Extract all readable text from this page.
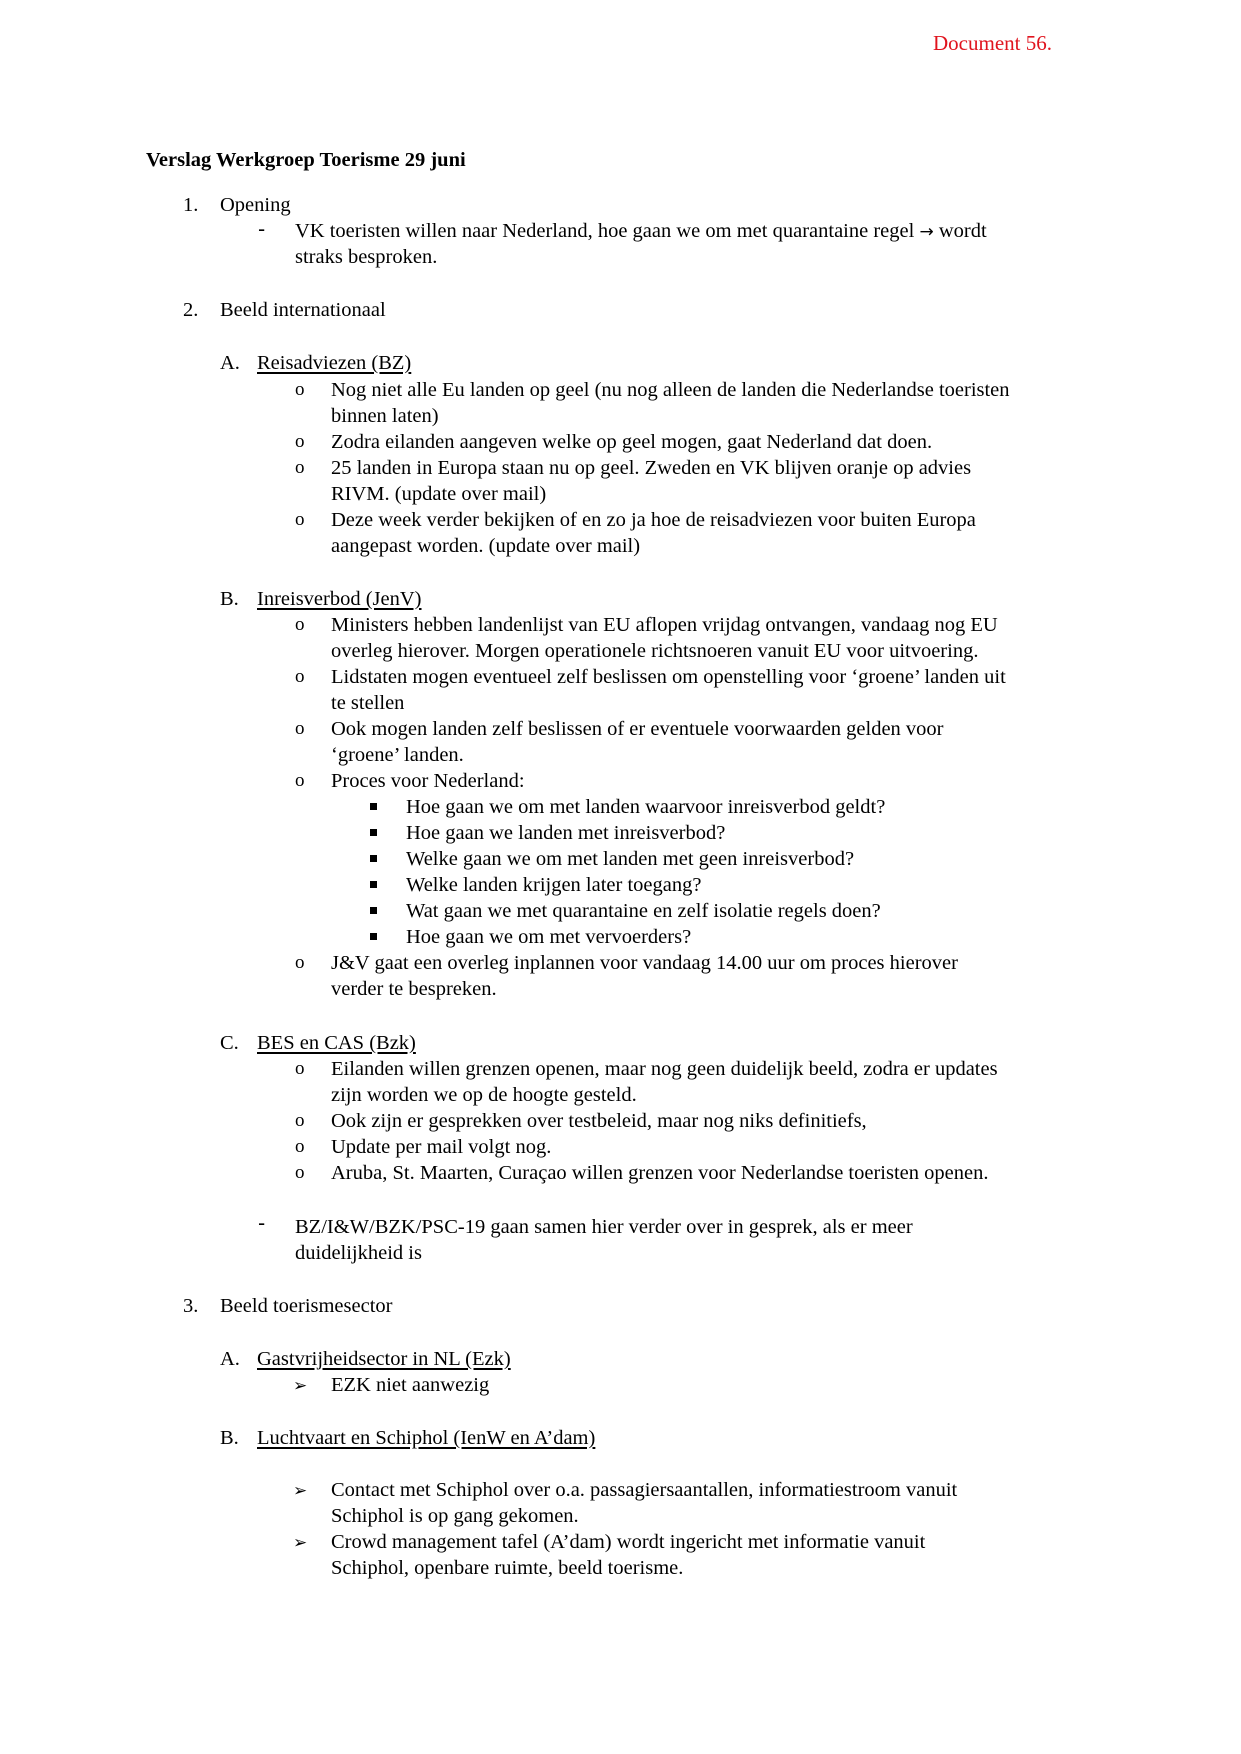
Document 56.
Verslag Werkgroep Toerisme 29 juni
1. Opening
- VK toeristen willen naar Nederland, hoe gaan we om met quarantaine regel → wordt
straks besproken.
2. Beeld internationaal
A. Reisadviezen (BZ)
o Nog niet alle Eu landen op geel (nu nog alleen de landen die Nederlandse toeristen
binnen laten)
o Zodra eilanden aangeven welke op geel mogen, gaat Nederland dat doen.
o 25 landen in Europa staan nu op geel. Zweden en VK blijven oranje op advies
RIVM. (update over mail)
o Deze week verder bekijken of en zo ja hoe de reisadviezen voor buiten Europa
aangepast worden. (update over mail)
B. Inreisverbod (JenV)
o Ministers hebben landenlijst van EU aflopen vrijdag ontvangen, vandaag nog EU
overleg hierover. Morgen operationele richtsnoeren vanuit EU voor uitvoering.
o Lidstaten mogen eventueel zelf beslissen om openstelling voor ‘groene’ landen uit
te stellen
o Ook mogen landen zelf beslissen of er eventuele voorwaarden gelden voor
‘groene’ landen.
o Proces voor Nederland:
Hoe gaan we om met landen waarvoor inreisverbod geldt?
Hoe gaan we landen met inreisverbod?
Welke gaan we om met landen met geen inreisverbod?
Welke landen krijgen later toegang?
Wat gaan we met quarantaine en zelf isolatie regels doen?
Hoe gaan we om met vervoerders?
o J&V gaat een overleg inplannen voor vandaag 14.00 uur om proces hierover
verder te bespreken.
C. BES en CAS (Bzk)
o Eilanden willen grenzen openen, maar nog geen duidelijk beeld, zodra er updates
zijn worden we op de hoogte gesteld.
o Ook zijn er gesprekken over testbeleid, maar nog niks definitiefs,
o Update per mail volgt nog.
o Aruba, St. Maarten, Curaçao willen grenzen voor Nederlandse toeristen openen.
- BZ/I&W/BZK/PSC-19 gaan samen hier verder over in gesprek, als er meer
duidelijkheid is
3. Beeld toerismesector
A. Gastvrijheidsector in NL (Ezk)
➢ EZK niet aanwezig
B. Luchtvaart en Schiphol (IenW en A’dam)
➢ Contact met Schiphol over o.a. passagiersaantallen, informatiestroom vanuit
Schiphol is op gang gekomen.
➢ Crowd management tafel (A’dam) wordt ingericht met informatie vanuit
Schiphol, openbare ruimte, beeld toerisme.
